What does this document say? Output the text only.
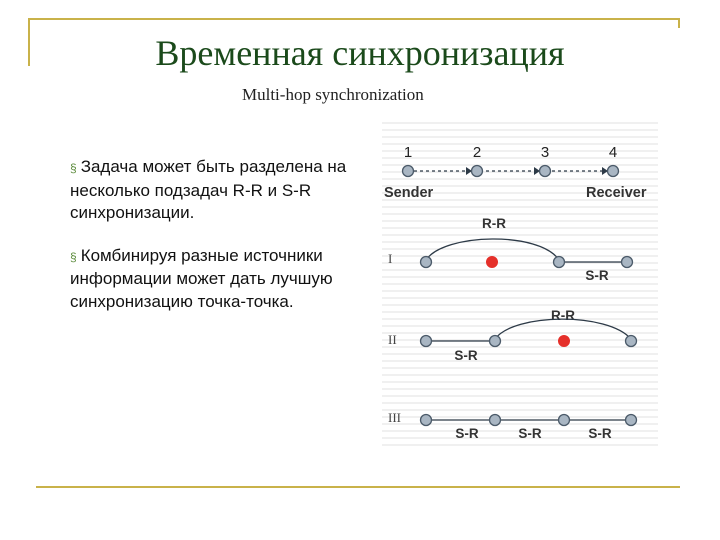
Временная синхронизация
Multi-hop synchronization
§ Задача может быть разделена на несколько подзадач R-R и S-R синхронизации.
§ Комбинируя разные источники информации может дать лучшую синхронизацию точка-точка.
1	2	3	4
Sender	Receiver
I
R-R
S-R
II
R-R
S-R
III
S-R	S-R	S-R
